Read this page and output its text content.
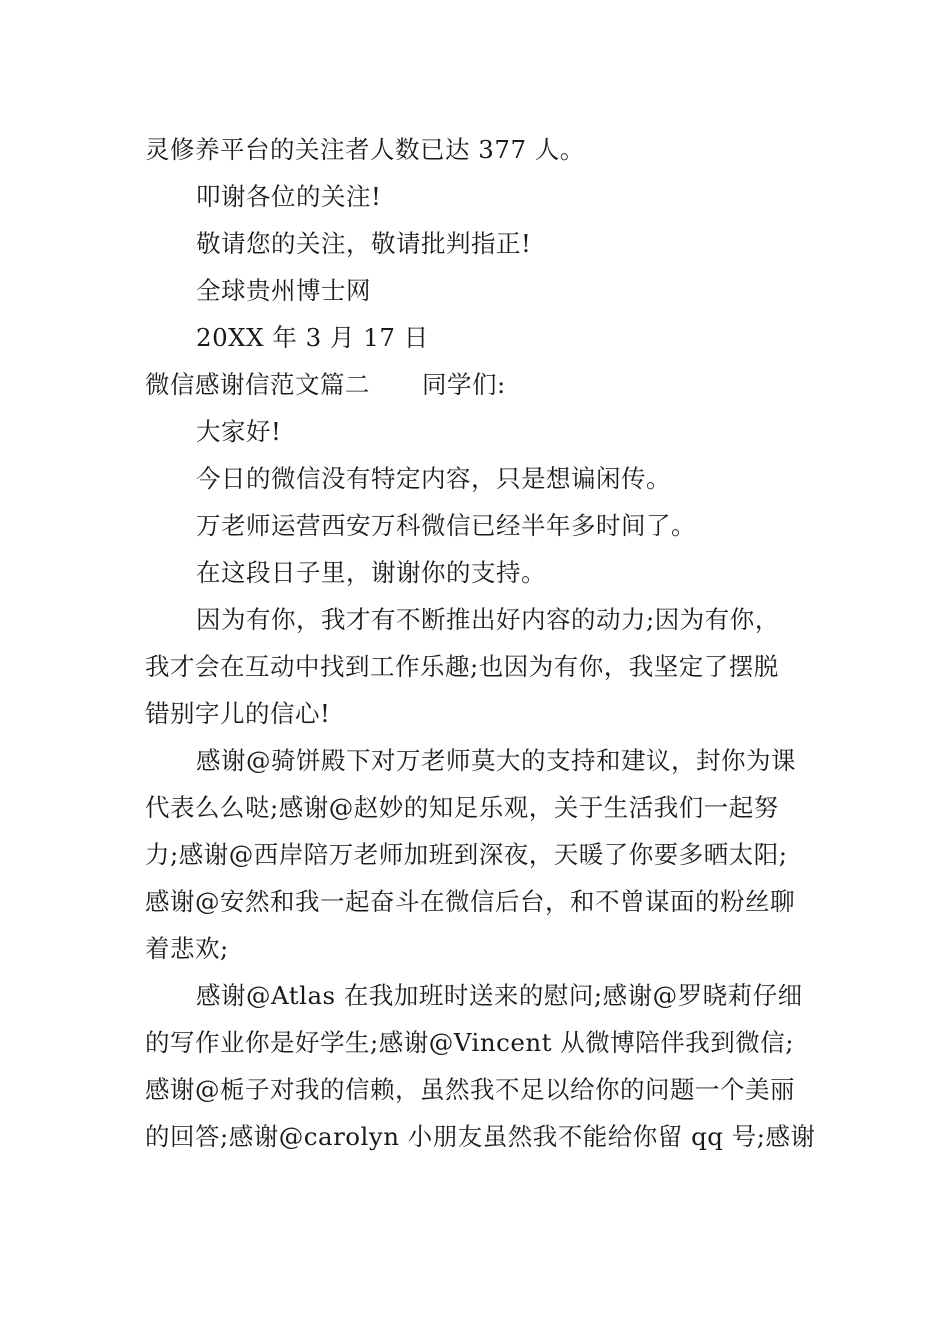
灵修养平台的关注者人数已达 377 人。
叩谢各位的关注!
敬请您的关注，敬请批判指正!
全球贵州博士网
20XX 年 3 月 17 日
微信感谢信范文篇二 同学们:
大家好!
今日的微信没有特定内容，只是想谝闲传。
万老师运营西安万科微信已经半年多时间了。
在这段日子里，谢谢你的支持。
因为有你，我才有不断推出好内容的动力;因为有你，
我才会在互动中找到工作乐趣;也因为有你，我坚定了摆脱
错别字儿的信心!
感谢@骑饼殿下对万老师莫大的支持和建议，封你为课
代表么么哒;感谢@赵妙的知足乐观，关于生活我们一起努
力;感谢@西岸陪万老师加班到深夜，天暖了你要多晒太阳;
感谢@安然和我一起奋斗在微信后台，和不曾谋面的粉丝聊
着悲欢;
感谢@Atlas 在我加班时送来的慰问;感谢@罗晓莉仔细
的写作业你是好学生;感谢@Vincent 从微博陪伴我到微信;
感谢@栀子对我的信赖，虽然我不足以给你的问题一个美丽
的回答;感谢@carolyn 小朋友虽然我不能给你留 qq 号;感谢
